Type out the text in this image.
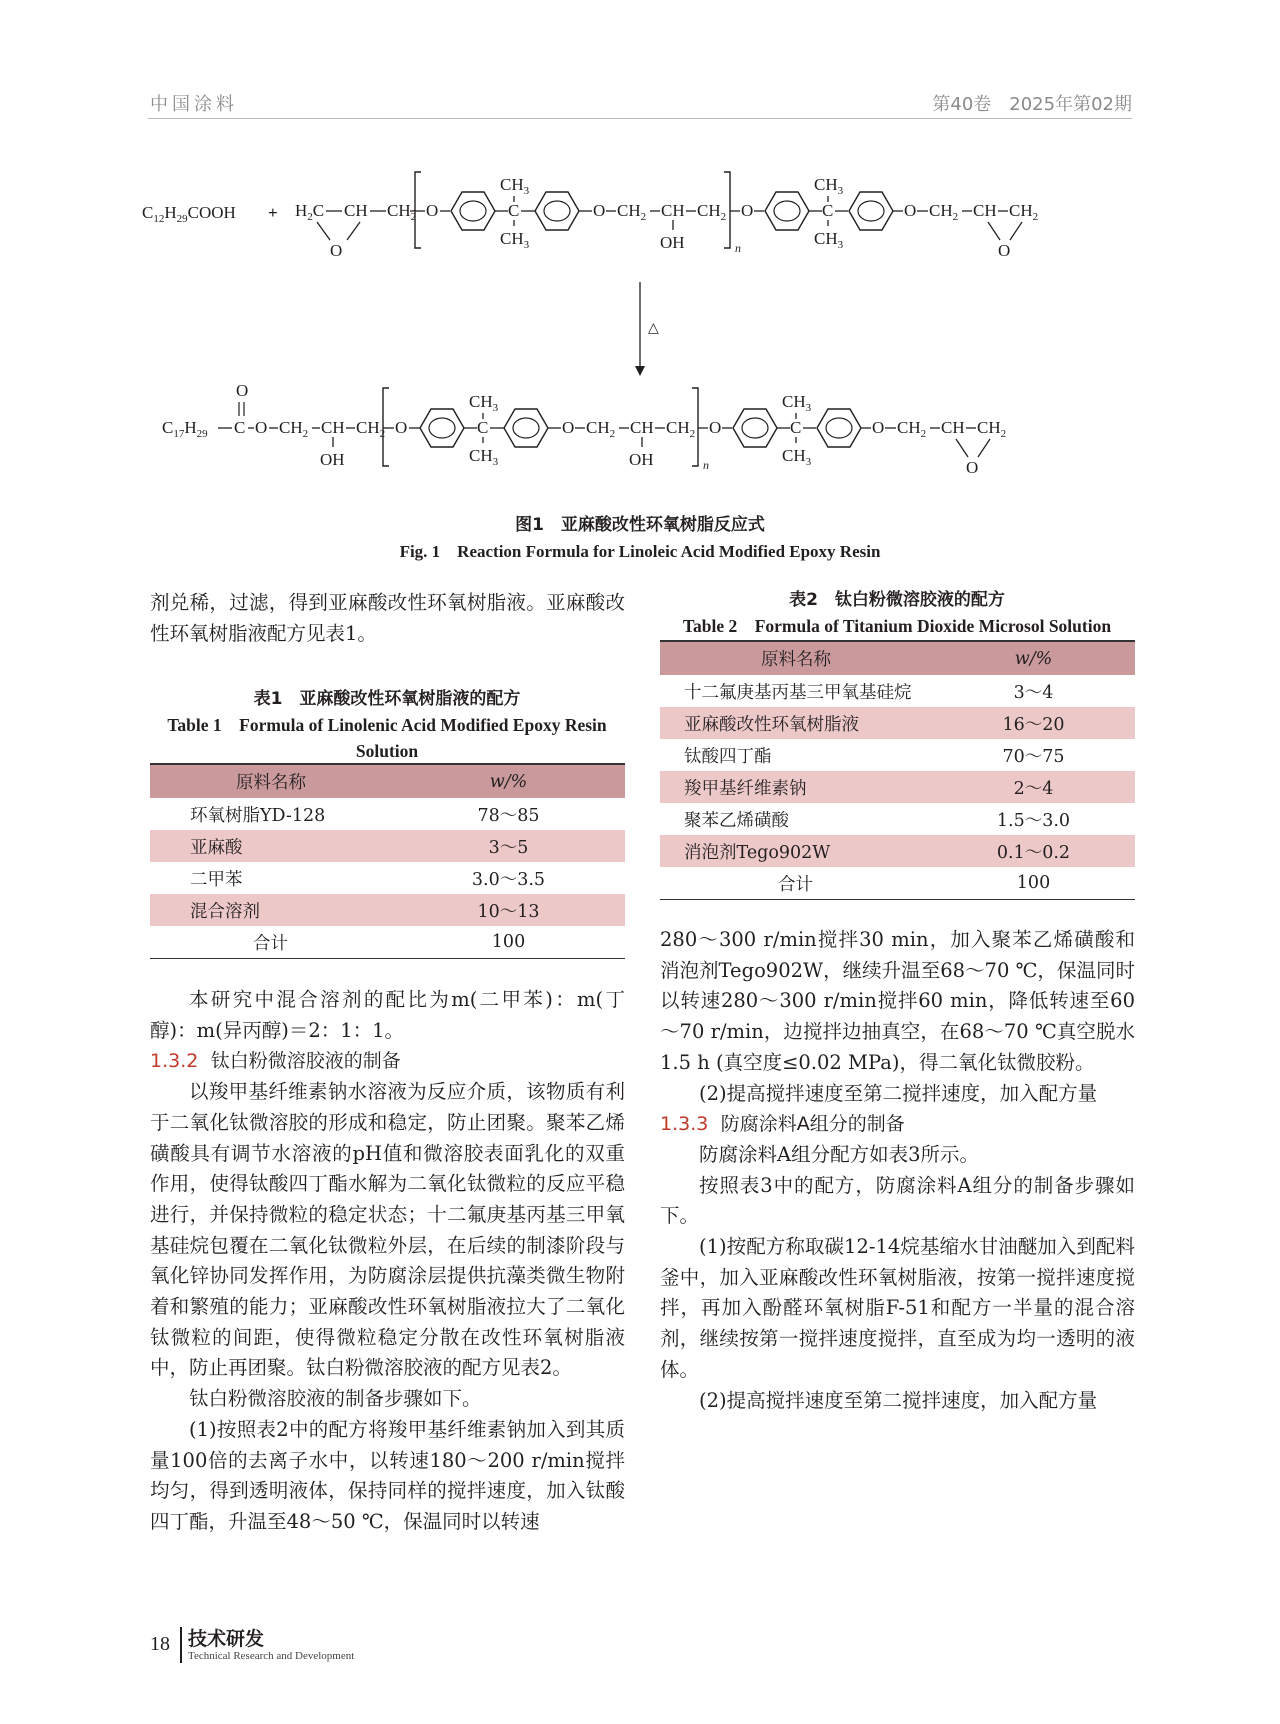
中国涂料	第40卷　2025年第02期
$C_{12}H_{29}COOH + H_2C$ CH $CH_2$
O
O	C
$CH_3$
$CH_3$
O $CH_2$ CH
OH
$CH_2$
n
O	C
$CH_3$
$CH_3$
O $CH_2$ CH $CH_2$
O
△
O
$C_{17}H_{29}$ C O $CH_2$ CH
OH
$CH_2$ O	C
$CH_3$
$CH_3$
O $CH_2$ CH
OH
$CH_2$
n
O	C
$CH_3$
$CH_3$
O $CH_2$ CH $CH_2$
O
图1　亚麻酸改性环氧树脂反应式
Fig. 1　Reaction Formula for Linoleic Acid Modified Epoxy Resin

剂兑稀，过滤，得到亚麻酸改性环氧树脂液。亚麻酸改性环氧树脂液配方见表1。

表1　亚麻酸改性环氧树脂液的配方
Table 1　Formula of Linolenic Acid Modified Epoxy Resin Solution
原料名称	w/%
环氧树脂YD-128	78～85
亚麻酸	3～5
二甲苯	3.0～3.5
混合溶剂	10～13
合计	100

本研究中混合溶剂的配比为m(二甲苯)：m(丁醇)：m(异丙醇)＝2：1：1。

1.3.2 钛白粉微溶胶液的制备

以羧甲基纤维素钠水溶液为反应介质，该物质有利于二氧化钛微溶胶的形成和稳定，防止团聚。聚苯乙烯磺酸具有调节水溶液的pH值和微溶胶表面乳化的双重作用，使得钛酸四丁酯水解为二氧化钛微粒的反应平稳进行，并保持微粒的稳定状态；十二氟庚基丙基三甲氧基硅烷包覆在二氧化钛微粒外层，在后续的制漆阶段与氧化锌协同发挥作用，为防腐涂层提供抗藻类微生物附着和繁殖的能力；亚麻酸改性环氧树脂液拉大了二氧化钛微粒的间距，使得微粒稳定分散在改性环氧树脂液中，防止再团聚。钛白粉微溶胶液的配方见表2。

钛白粉微溶胶液的制备步骤如下。

(1)按照表2中的配方将羧甲基纤维素钠加入到其质量100倍的去离子水中，以转速180～200 r/min搅拌均匀，得到透明液体，保持同样的搅拌速度，加入钛酸四丁酯，升温至48～50 ℃，保温同时以转速

表2　钛白粉微溶胶液的配方
Table 2　Formula of Titanium Dioxide Microsol Solution
原料名称	w/%
十二氟庚基丙基三甲氧基硅烷	3～4
亚麻酸改性环氧树脂液	16～20
钛酸四丁酯	70～75
羧甲基纤维素钠	2～4
聚苯乙烯磺酸	1.5～3.0
消泡剂Tego902W	0.1～0.2
合计	100

280～300 r/min搅拌30 min，加入聚苯乙烯磺酸和消泡剂Tego902W，继续升温至68～70 ℃，保温同时以转速280～300 r/min搅拌60 min，降低转速至60～70 r/min，边搅拌边抽真空，在68～70 ℃真空脱水1.5 h (真空度≤0.02 MPa)，得二氧化钛微胶粉。

(2)提高搅拌速度至第二搅拌速度，加入配方量

1.3.3 防腐涂料A组分的制备

防腐涂料A组分配方如表3所示。

按照表3中的配方，防腐涂料A组分的制备步骤如下。

(1)按配方称取碳12-14烷基缩水甘油醚加入到配料釜中，加入亚麻酸改性环氧树脂液，按第一搅拌速度搅拌，再加入酚醛环氧树脂F-51和配方一半量的混合溶剂，继续按第一搅拌速度搅拌，直至成为均一透明的液体。

(2)提高搅拌速度至第二搅拌速度，加入配方量

18 技术研发
Technical Research and Development
